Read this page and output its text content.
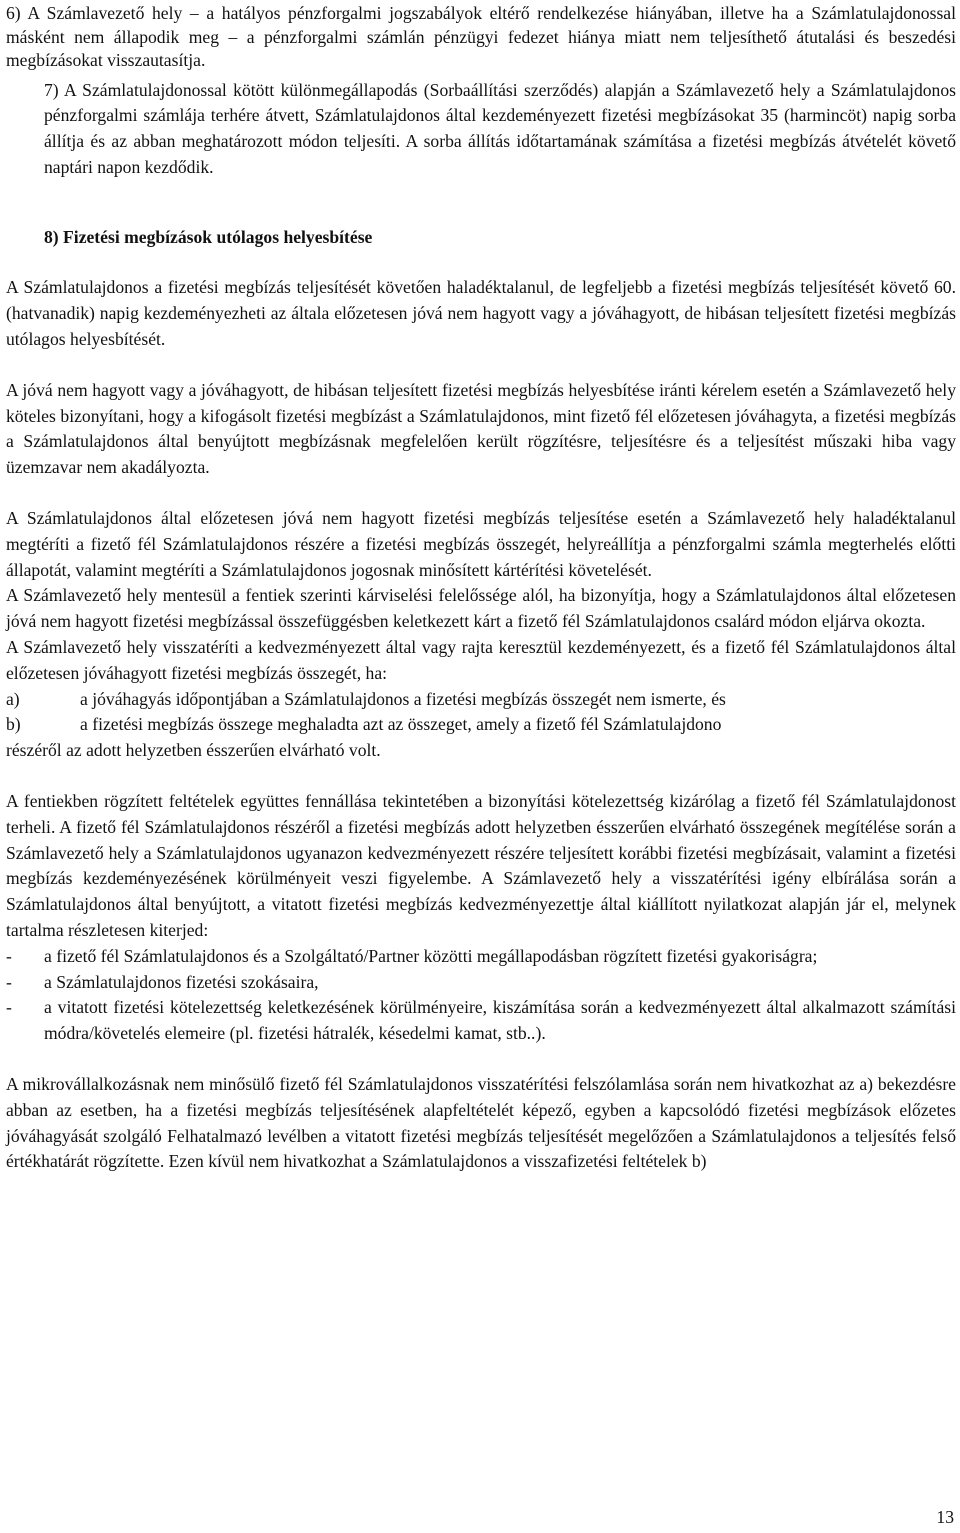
6) A Számlavezető hely – a hatályos pénzforgalmi jogszabályok eltérő rendelkezése hiányában, illetve ha a Számlatulajdonossal másként nem állapodik meg – a pénzforgalmi számlán pénzügyi fedezet hiánya miatt nem teljesíthető átutalási és beszedési megbízásokat visszautasítja.

7) A Számlatulajdonossal kötött különmegállapodás (Sorbaállítási szerződés) alapján a Számlavezető hely a Számlatulajdonos pénzforgalmi számlája terhére átvett, Számlatulajdonos által kezdeményezett fizetési megbízásokat 35 (harmincöt) napig sorba állítja és az abban meghatározott módon teljesíti. A sorba állítás időtartamának számítása a fizetési megbízás átvételét követő naptári napon kezdődik.

8) Fizetési megbízások utólagos helyesbítése

A Számlatulajdonos a fizetési megbízás teljesítését követően haladéktalanul, de legfeljebb a fizetési megbízás teljesítését követő 60. (hatvanadik) napig kezdeményezheti az általa előzetesen jóvá nem hagyott vagy a jóváhagyott, de hibásan teljesített fizetési megbízás utólagos helyesbítését.

A jóvá nem hagyott vagy a jóváhagyott, de hibásan teljesített fizetési megbízás helyesbítése iránti kérelem esetén a Számlavezető hely köteles bizonyítani, hogy a kifogásolt fizetési megbízást a Számlatulajdonos, mint fizető fél előzetesen jóváhagyta, a fizetési megbízás a Számlatulajdonos által benyújtott megbízásnak megfelelően került rögzítésre, teljesítésre és a teljesítést műszaki hiba vagy üzemzavar nem akadályozta.

A Számlatulajdonos által előzetesen jóvá nem hagyott fizetési megbízás teljesítése esetén a Számlavezető hely haladéktalanul megtéríti a fizető fél Számlatulajdonos részére a fizetési megbízás összegét, helyreállítja a pénzforgalmi számla megterhelés előtti állapotát, valamint megtéríti a Számlatulajdonos jogosnak minősített kártérítési követelését.

A Számlavezető hely mentesül a fentiek szerinti kárviselési felelőssége alól, ha bizonyítja, hogy a Számlatulajdonos által előzetesen jóvá nem hagyott fizetési megbízással összefüggésben keletkezett kárt a fizető fél Számlatulajdonos csalárd módon eljárva okozta.

A Számlavezető hely visszatéríti a kedvezményezett által vagy rajta keresztül kezdeményezett, és a fizető fél Számlatulajdonos által előzetesen jóváhagyott fizetési megbízás összegét, ha:

a)	a jóváhagyás időpontjában a Számlatulajdonos a fizetési megbízás összegét nem ismerte, és
b)	a fizetési megbízás összege meghaladta azt az összeget, amely a fizető fél Számlatulajdono

részéről az adott helyzetben ésszerűen elvárható volt.

A fentiekben rögzített feltételek együttes fennállása tekintetében a bizonyítási kötelezettség kizárólag a fizető fél Számlatulajdonost terheli. A fizető fél Számlatulajdonos részéről a fizetési megbízás adott helyzetben ésszerűen elvárható összegének megítélése során a Számlavezető hely a Számlatulajdonos ugyanazon kedvezményezett részére teljesített korábbi fizetési megbízásait, valamint a fizetési megbízás kezdeményezésének körülményeit veszi figyelembe. A Számlavezető hely a visszatérítési igény elbírálása során a Számlatulajdonos által benyújtott, a vitatott fizetési megbízás kedvezményezettje által kiállított nyilatkozat alapján jár el, melynek tartalma részletesen kiterjed:

-	a fizető fél Számlatulajdonos és a Szolgáltató/Partner közötti megállapodásban rögzített fizetési gyakoriságra;
-	a Számlatulajdonos fizetési szokásaira,
-	a vitatott fizetési kötelezettség keletkezésének körülményeire, kiszámítása során a kedvezményezett által alkalmazott számítási módra/követelés elemeire (pl. fizetési hátralék, késedelmi kamat, stb..).

A mikrovállalkozásnak nem minősülő fizető fél Számlatulajdonos visszatérítési felszólamlása során nem hivatkozhat az a) bekezdésre abban az esetben, ha a fizetési megbízás teljesítésének alapfeltételét képező, egyben a kapcsolódó fizetési megbízások előzetes jóváhagyását szolgáló Felhatalmazó levélben a vitatott fizetési megbízás teljesítését megelőzően a Számlatulajdonos a teljesítés felső értékhatárát rögzítette. Ezen kívül nem hivatkozhat a Számlatulajdonos a visszafizetési feltételek b)

13
